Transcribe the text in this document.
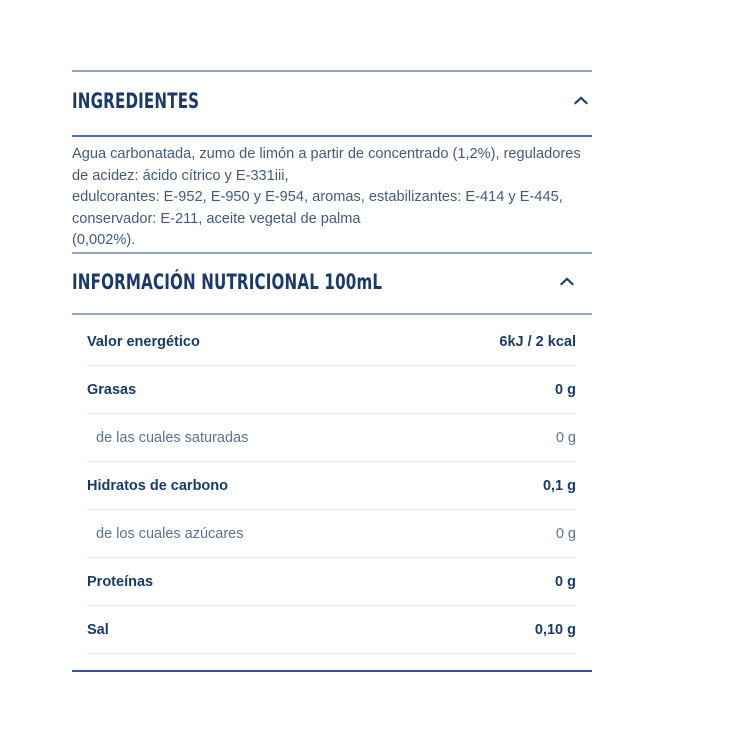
INGREDIENTES
Agua carbonatada, zumo de limón a partir de concentrado (1,2%), reguladores
de acidez: ácido cítrico y E-331iii,
edulcorantes: E-952, E-950 y E-954, aromas, estabilizantes: E-414 y E-445,
conservador: E-211, aceite vegetal de palma
(0,002%).
INFORMACIÓN NUTRICIONAL 100mL
Valor energético	6kJ / 2 kcal
Grasas	0 g
de las cuales saturadas	0 g
Hidratos de carbono	0,1 g
de los cuales azúcares	0 g
Proteínas	0 g
Sal	0,10 g
